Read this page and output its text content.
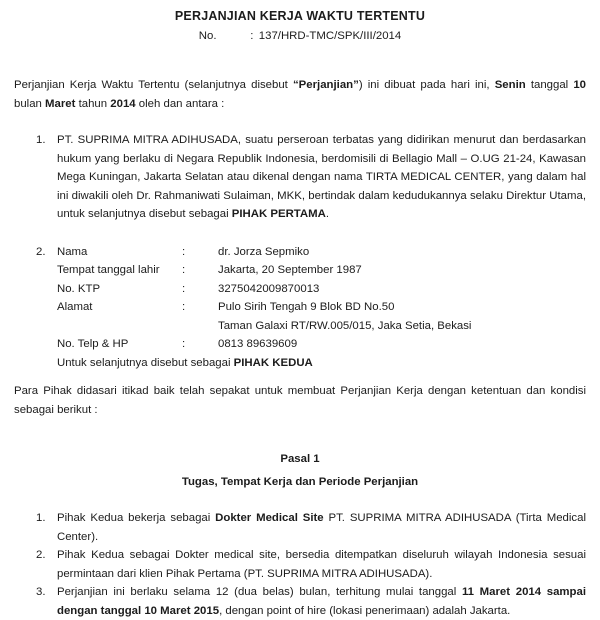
PERJANJIAN KERJA WAKTU TERTENTU
No.	: 137/HRD-TMC/SPK/III/2014
Perjanjian Kerja Waktu Tertentu (selanjutnya disebut “Perjanjian”) ini dibuat pada hari ini, Senin tanggal 10 bulan Maret tahun 2014 oleh dan antara :
1. PT. SUPRIMA MITRA ADIHUSADA, suatu perseroan terbatas yang didirikan menurut dan berdasarkan hukum yang berlaku di Negara Republik Indonesia, berdomisili di Bellagio Mall – O.UG 21-24, Kawasan Mega Kuningan, Jakarta Selatan atau dikenal dengan nama TIRTA MEDICAL CENTER, yang dalam hal ini diwakili oleh Dr. Rahmaniwati Sulaiman, MKK, bertindak dalam kedudukannya selaku Direktur Utama, untuk selanjutnya disebut sebagai PIHAK PERTAMA.
2. Nama	:	dr. Jorza Sepmiko
Tempat tanggal lahir	:	Jakarta, 20 September 1987
No. KTP	:	3275042009870013
Alamat	:	Pulo Sirih Tengah 9 Blok BD No.50
Taman Galaxi RT/RW.005/015, Jaka Setia, Bekasi
No. Telp & HP	:	0813 89639609
Untuk selanjutnya disebut sebagai PIHAK KEDUA
Para Pihak didasari itikad baik telah sepakat untuk membuat Perjanjian Kerja dengan ketentuan dan kondisi sebagai berikut :
Pasal 1
Tugas, Tempat Kerja dan Periode Perjanjian
1. Pihak Kedua bekerja sebagai Dokter Medical Site PT. SUPRIMA MITRA ADIHUSADA (Tirta Medical Center).
2. Pihak Kedua sebagai Dokter medical site, bersedia ditempatkan diseluruh wilayah Indonesia sesuai permintaan dari klien Pihak Pertama (PT. SUPRIMA MITRA ADIHUSADA).
3. Perjanjian ini berlaku selama 12 (dua belas) bulan, terhitung mulai tanggal 11 Maret 2014 sampai dengan tanggal 10 Maret 2015, dengan point of hire (lokasi penerimaan) adalah Jakarta.
